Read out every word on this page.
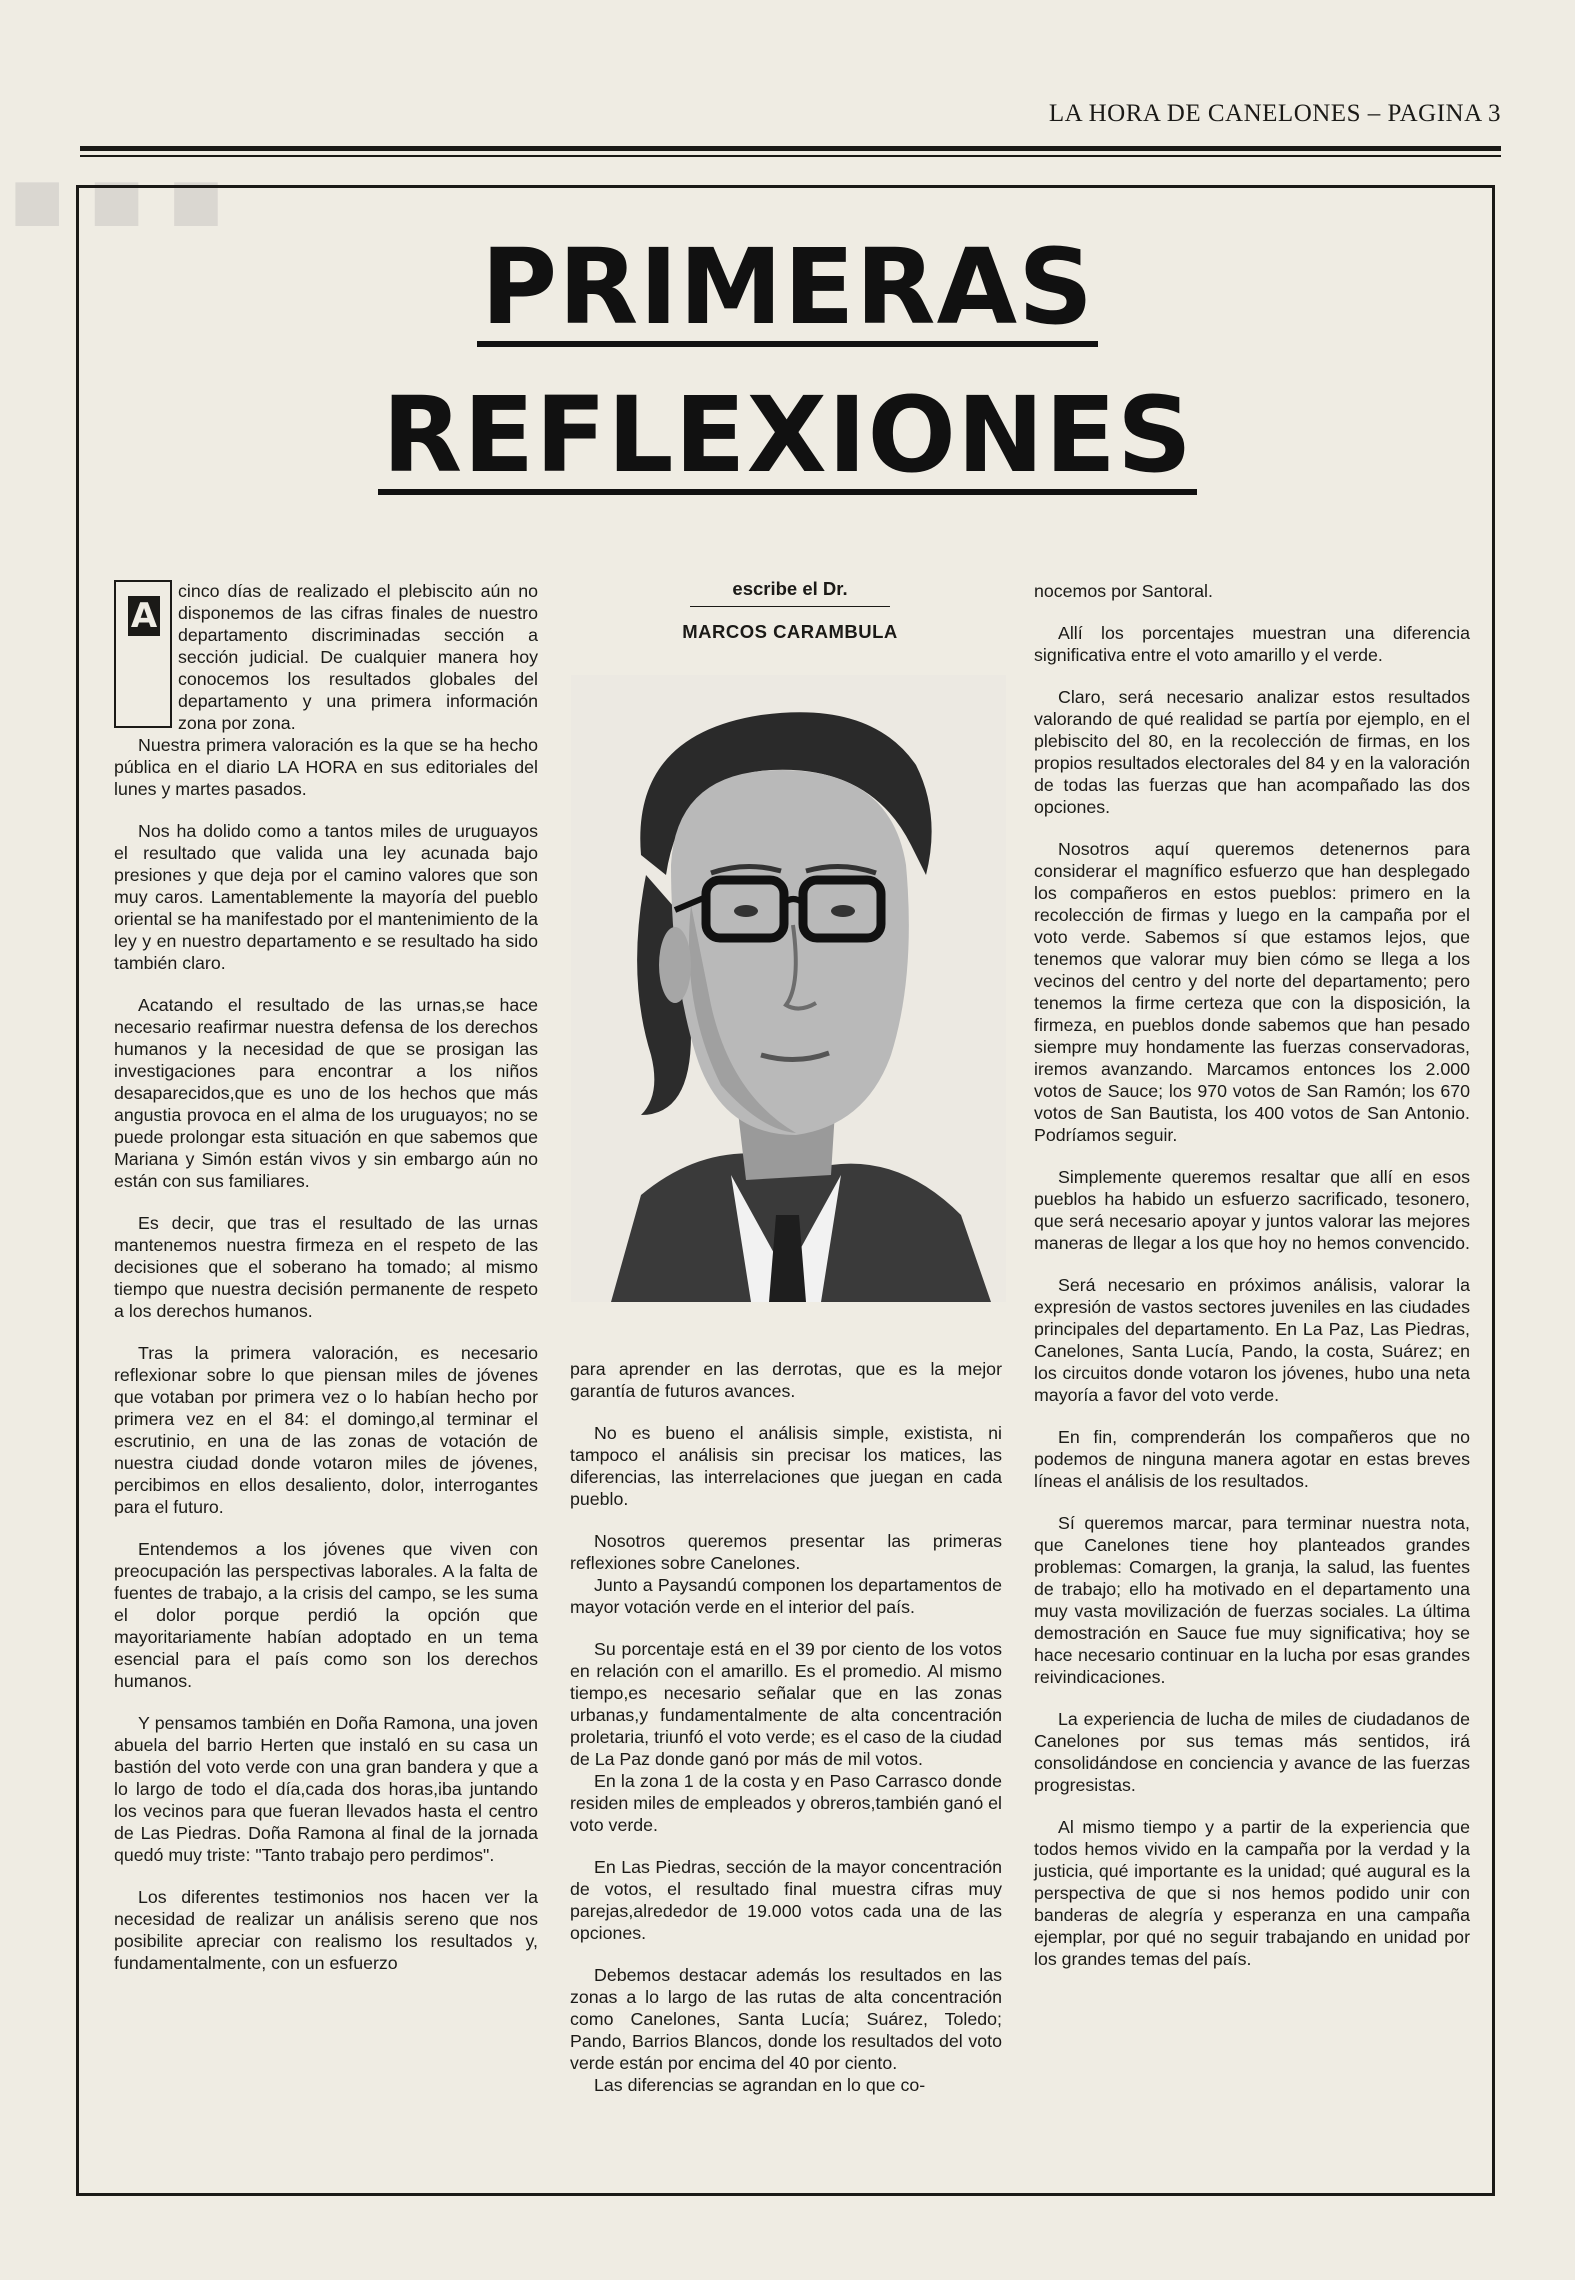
■ ■ ■
LA HORA DE CANELONES – PAGINA 3
PRIMERAS
REFLEXIONES
A

cinco días de realizado el plebiscito aún no disponemos de las cifras finales de nuestro departamento discriminadas sección a sección judicial. De cualquier manera hoy conocemos los resultados globales del departamento y una primera información zona por zona.

Nuestra primera valoración es la que se ha hecho pública en el diario LA HORA en sus editoriales del lunes y martes pasados.

Nos ha dolido como a tantos miles de uruguayos el resultado que valida una ley acunada bajo presiones y que deja por el camino valores que son muy caros. Lamentablemente la mayoría del pueblo oriental se ha manifestado por el mantenimiento de la ley y en nuestro departamento e se resultado ha sido también claro.

Acatando el resultado de las urnas,se hace necesario reafirmar nuestra defensa de los derechos humanos y la necesidad de que se prosigan las investigaciones para encontrar a los niños desaparecidos,que es uno de los hechos que más angustia provoca en el alma de los uruguayos; no se puede prolongar esta situación en que sabemos que Mariana y Simón están vivos y sin embargo aún no están con sus familiares.

Es decir, que tras el resultado de las urnas mantenemos nuestra firmeza en el respeto de las decisiones que el soberano ha tomado; al mismo tiempo que nuestra decisión permanente de respeto a los derechos humanos.

Tras la primera valoración, es necesario reflexionar sobre lo que piensan miles de jóvenes que votaban por primera vez o lo habían hecho por primera vez en el 84: el domingo,al terminar el escrutinio, en una de las zonas de votación de nuestra ciudad donde votaron miles de jóvenes, percibimos en ellos desaliento, dolor, interrogantes para el futuro.

Entendemos a los jóvenes que viven con preocupación las perspectivas laborales. A la falta de fuentes de trabajo, a la crisis del campo, se les suma el dolor porque perdió la opción que mayoritariamente habían adoptado en un tema esencial para el país como son los derechos humanos.

Y pensamos también en Doña Ramona, una joven abuela del barrio Herten que instaló en su casa un bastión del voto verde con una gran bandera y que a lo largo de todo el día,cada dos horas,iba juntando los vecinos para que fueran llevados hasta el centro de Las Piedras. Doña Ramona al final de la jornada quedó muy triste: "Tanto trabajo pero perdimos".

Los diferentes testimonios nos hacen ver la necesidad de realizar un análisis sereno que nos posibilite apreciar con realismo los resultados y, fundamentalmente, con un esfuerzo

escribe el Dr.
MARCOS CARAMBULA

para aprender en las derrotas, que es la mejor garantía de futuros avances.

No es bueno el análisis simple, existista, ni tampoco el análisis sin precisar los matices, las diferencias, las interrelaciones que juegan en cada pueblo.

Nosotros queremos presentar las primeras reflexiones sobre Canelones.

Junto a Paysandú componen los departamentos de mayor votación verde en el interior del país.

Su porcentaje está en el 39 por ciento de los votos en relación con el amarillo. Es el promedio. Al mismo tiempo,es necesario señalar que en las zonas urbanas,y fundamentalmente de alta concentración proletaria, triunfó el voto verde; es el caso de la ciudad de La Paz donde ganó por más de mil votos.

En la zona 1 de la costa y en Paso Carrasco donde residen miles de empleados y obreros,también ganó el voto verde.

En Las Piedras, sección de la mayor concentración de votos, el resultado final muestra cifras muy parejas,alrededor de 19.000 votos cada una de las opciones.

Debemos destacar además los resultados en las zonas a lo largo de las rutas de alta concentración como Canelones, Santa Lucía; Suárez, Toledo; Pando, Barrios Blancos, donde los resultados del voto verde están por encima del 40 por ciento.

Las diferencias se agrandan en lo que co-

nocemos por Santoral.

Allí los porcentajes muestran una diferencia significativa entre el voto amarillo y el verde.

Claro, será necesario analizar estos resultados valorando de qué realidad se partía por ejemplo, en el plebiscito del 80, en la recolección de firmas, en los propios resultados electorales del 84 y en la valoración de todas las fuerzas que han acompañado las dos opciones.

Nosotros aquí queremos detenernos para considerar el magnífico esfuerzo que han desplegado los compañeros en estos pueblos: primero en la recolección de firmas y luego en la campaña por el voto verde. Sabemos sí que estamos lejos, que tenemos que valorar muy bien cómo se llega a los vecinos del centro y del norte del departamento; pero tenemos la firme certeza que con la disposición, la firmeza, en pueblos donde sabemos que han pesado siempre muy hondamente las fuerzas conservadoras, iremos avanzando. Marcamos entonces los 2.000 votos de Sauce; los 970 votos de San Ramón; los 670 votos de San Bautista, los 400 votos de San Antonio. Podríamos seguir.

Simplemente queremos resaltar que allí en esos pueblos ha habido un esfuerzo sacrificado, tesonero, que será necesario apoyar y juntos valorar las mejores maneras de llegar a los que hoy no hemos convencido.

Será necesario en próximos análisis, valorar la expresión de vastos sectores juveniles en las ciudades principales del departamento. En La Paz, Las Piedras, Canelones, Santa Lucía, Pando, la costa, Suárez; en los circuitos donde votaron los jóvenes, hubo una neta mayoría a favor del voto verde.

En fin, comprenderán los compañeros que no podemos de ninguna manera agotar en estas breves líneas el análisis de los resultados.

Sí queremos marcar, para terminar nuestra nota, que Canelones tiene hoy planteados grandes problemas: Comargen, la granja, la salud, las fuentes de trabajo; ello ha motivado en el departamento una muy vasta movilización de fuerzas sociales. La última demostración en Sauce fue muy significativa; hoy se hace necesario continuar en la lucha por esas grandes reivindicaciones.

La experiencia de lucha de miles de ciudadanos de Canelones por sus temas más sentidos, irá consolidándose en conciencia y avance de las fuerzas progresistas.

Al mismo tiempo y a partir de la experiencia que todos hemos vivido en la campaña por la verdad y la justicia, qué importante es la unidad; qué augural es la perspectiva de que si nos hemos podido unir con banderas de alegría y esperanza en una campaña ejemplar, por qué no seguir trabajando en unidad por los grandes temas del país.
